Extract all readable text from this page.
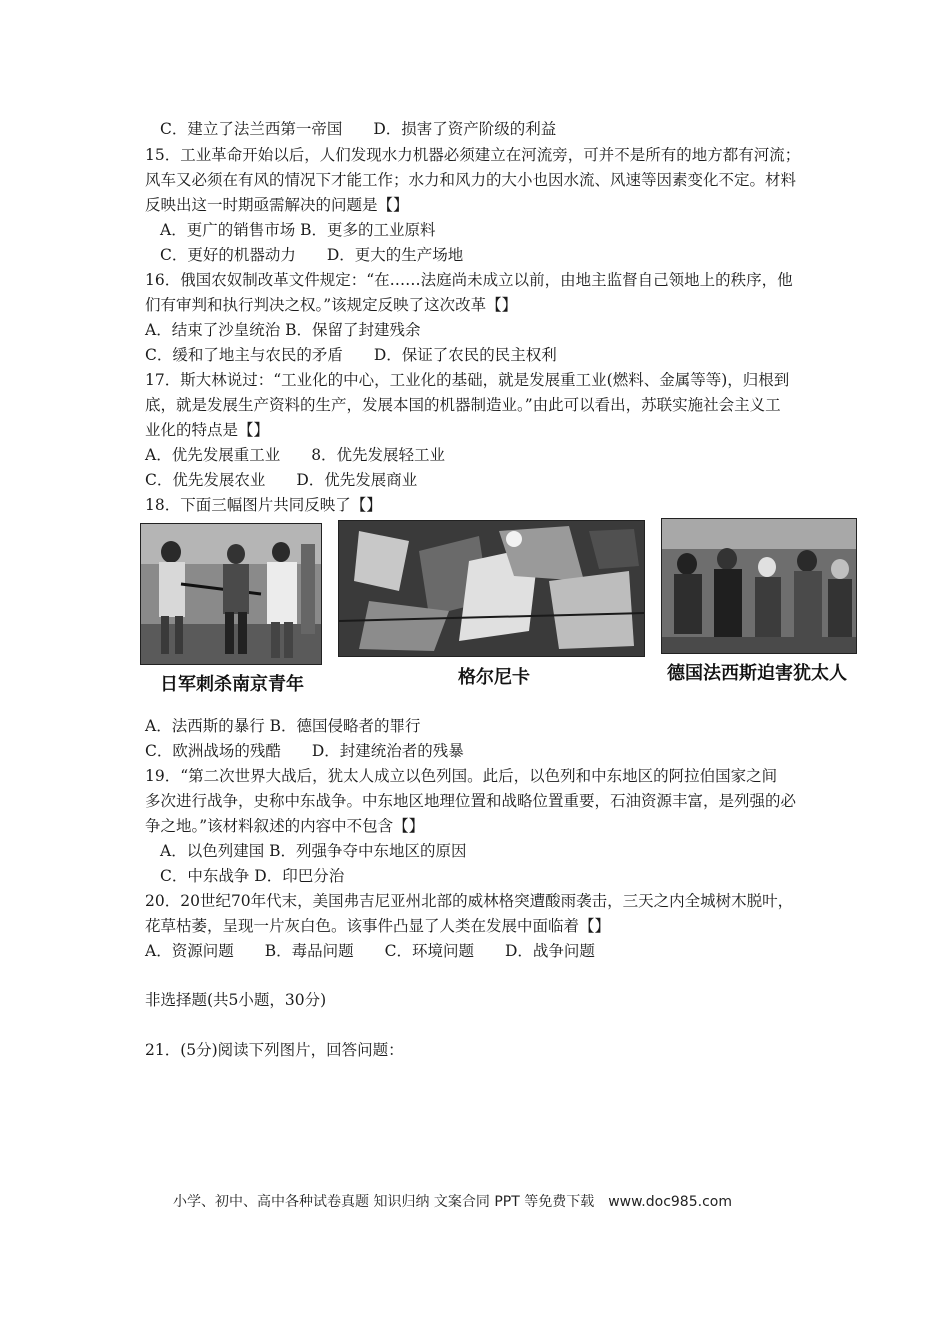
C．建立了法兰西第一帝国　　D．损害了资产阶级的利益
15．工业革命开始以后，人们发现水力机器必须建立在河流旁，可并不是所有的地方都有河流；
风车又必须在有风的情况下才能工作；水力和风力的大小也因水流、风速等因素变化不定。材料
反映出这一时期亟需解决的问题是【】
A．更广的销售市场 B．更多的工业原料
C．更好的机器动力　　D．更大的生产场地
16．俄国农奴制改革文件规定：“在……法庭尚未成立以前，由地主监督自己领地上的秩序，他
们有审判和执行判决之权。”该规定反映了这次改革【】
A．结束了沙皇统治 B．保留了封建残余
C．缓和了地主与农民的矛盾　　D．保证了农民的民主权利
17．斯大林说过：“工业化的中心，工业化的基础，就是发展重工业(燃料、金属等等)，归根到
底，就是发展生产资料的生产，发展本国的机器制造业。”由此可以看出，苏联实施社会主义工
业化的特点是【】
A．优先发展重工业　　8．优先发展轻工业
C．优先发展农业　　D．优先发展商业
18．下面三幅图片共同反映了【】
日军刺杀南京青年	格尔尼卡	德国法西斯迫害犹太人
A．法西斯的暴行 B．德国侵略者的罪行
C．欧洲战场的残酷　　D．封建统治者的残暴
19．“第二次世界大战后，犹太人成立以色列国。此后，以色列和中东地区的阿拉伯国家之间
多次进行战争，史称中东战争。中东地区地理位置和战略位置重要，石油资源丰富，是列强的必
争之地。”该材料叙述的内容中不包含【】
A．以色列建国 B．列强争夺中东地区的原因
C．中东战争 D．印巴分治
20．20世纪70年代末，美国弗吉尼亚州北部的威林格突遭酸雨袭击，三天之内全城树木脱叶，
花草枯萎，呈现一片灰白色。该事件凸显了人类在发展中面临着【】
A．资源问题　　B．毒品问题　　C．环境问题　　D．战争问题
非选择题(共5小题，30分)
21．(5分)阅读下列图片，回答问题：
小学、初中、高中各种试卷真题 知识归纳 文案合同 PPT 等免费下载　www.doc985.com
